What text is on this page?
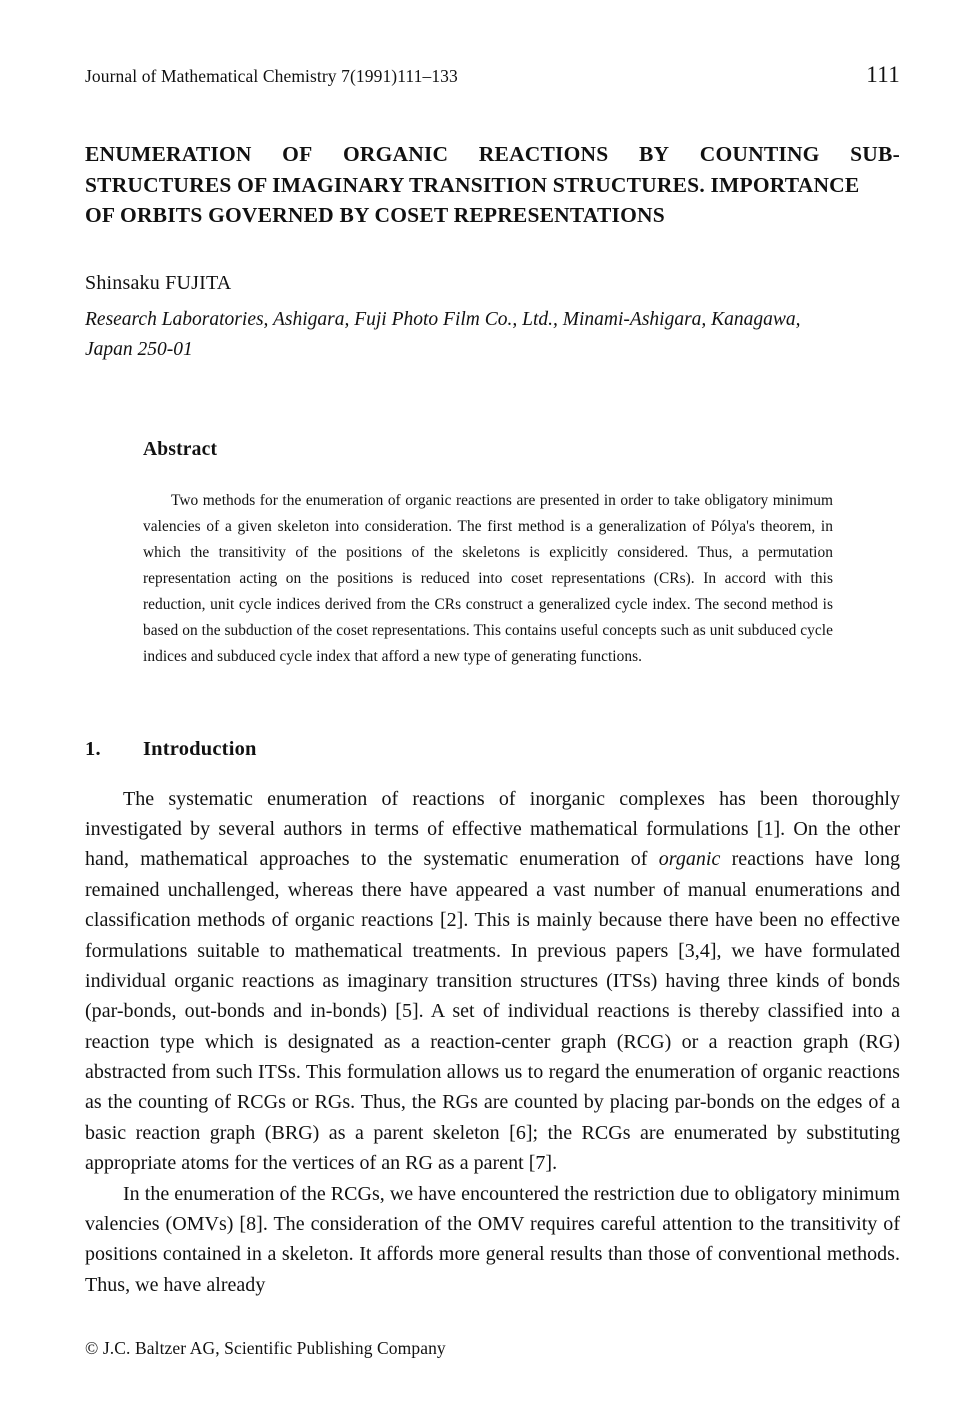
Journal of Mathematical Chemistry 7(1991)111–133	111
ENUMERATION OF ORGANIC REACTIONS BY COUNTING SUB-
STRUCTURES OF IMAGINARY TRANSITION STRUCTURES. IMPORTANCE
OF ORBITS GOVERNED BY COSET REPRESENTATIONS
Shinsaku FUJITA
Research Laboratories, Ashigara, Fuji Photo Film Co., Ltd., Minami-Ashigara, Kanagawa,
Japan 250-01
Abstract
Two methods for the enumeration of organic reactions are presented in order to take obligatory minimum valencies of a given skeleton into consideration. The first method is a generalization of Pólya's theorem, in which the transitivity of the positions of the skeletons is explicitly considered. Thus, a permutation representation acting on the positions is reduced into coset representations (CRs). In accord with this reduction, unit cycle indices derived from the CRs construct a generalized cycle index. The second method is based on the subduction of the coset representations. This contains useful concepts such as unit subduced cycle indices and subduced cycle index that afford a new type of generating functions.
1.	Introduction

The systematic enumeration of reactions of inorganic complexes has been thoroughly investigated by several authors in terms of effective mathematical formulations [1]. On the other hand, mathematical approaches to the systematic enumeration of organic reactions have long remained unchallenged, whereas there have appeared a vast number of manual enumerations and classification methods of organic reactions [2]. This is mainly because there have been no effective formulations suitable to mathematical treatments. In previous papers [3,4], we have formulated individual organic reactions as imaginary transition structures (ITSs) having three kinds of bonds (par-bonds, out-bonds and in-bonds) [5]. A set of individual reactions is thereby classified into a reaction type which is designated as a reaction-center graph (RCG) or a reaction graph (RG) abstracted from such ITSs. This formulation allows us to regard the enumeration of organic reactions as the counting of RCGs or RGs. Thus, the RGs are counted by placing par-bonds on the edges of a basic reaction graph (BRG) as a parent skeleton [6]; the RCGs are enumerated by substituting appropriate atoms for the vertices of an RG as a parent [7].

In the enumeration of the RCGs, we have encountered the restriction due to obligatory minimum valencies (OMVs) [8]. The consideration of the OMV requires careful attention to the transitivity of positions contained in a skeleton. It affords more general results than those of conventional methods. Thus, we have already

© J.C. Baltzer AG, Scientific Publishing Company
